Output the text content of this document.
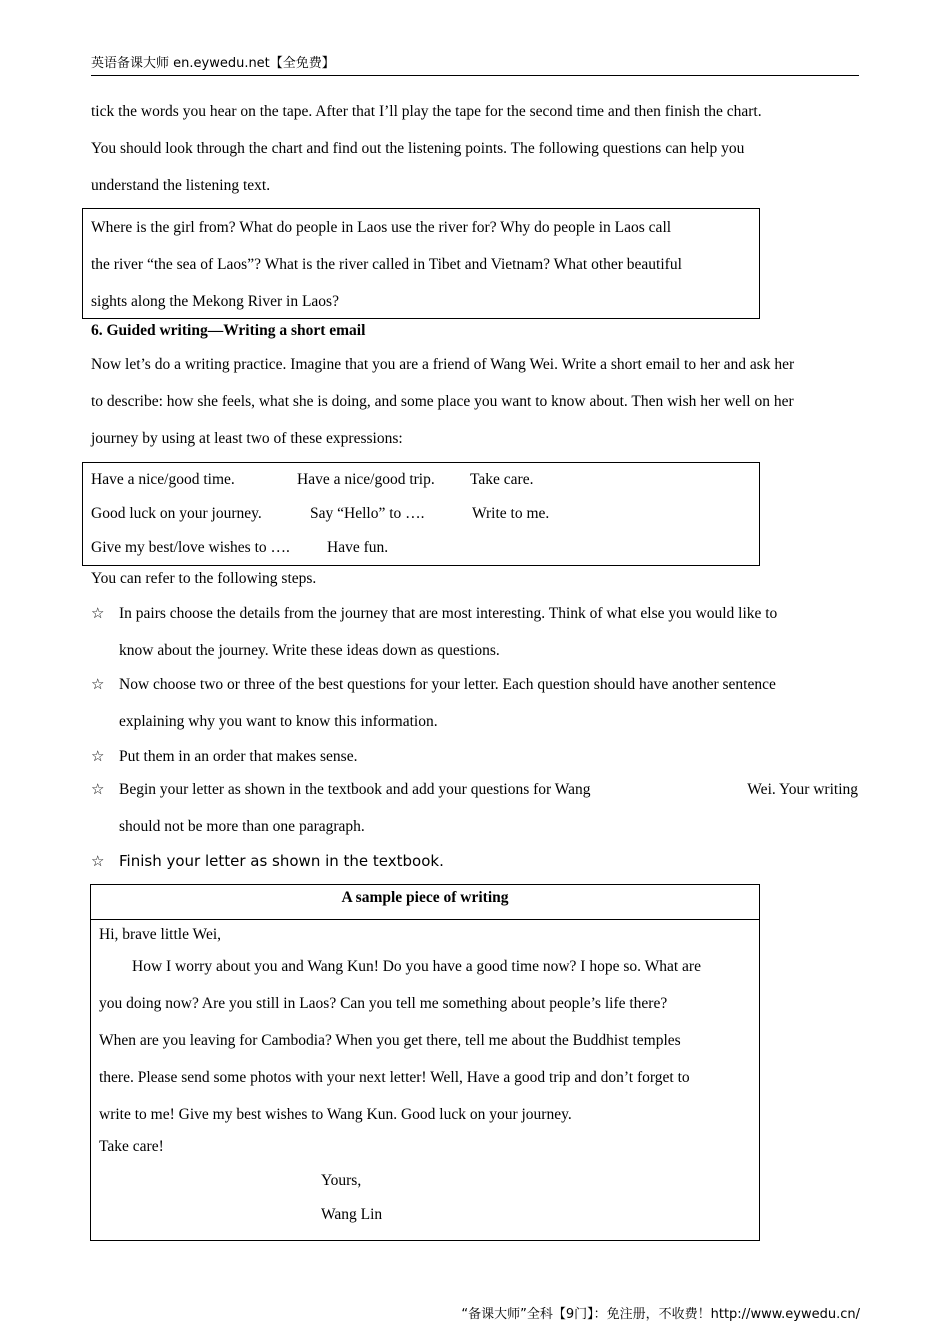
英语备课大师 en.eywedu.net【全免费】
tick the words you hear on the tape. After that I’ll play the tape for the second time and then finish the chart.
You should look through the chart and find out the listening points. The following questions can help you
understand the listening text.
Where is the girl from? What do people in Laos use the river for? Why do people in Laos call
the river “the sea of Laos”? What is the river called in Tibet and Vietnam? What other beautiful
sights along the Mekong River in Laos?
6. Guided writing—Writing a short email
Now let’s do a writing practice. Imagine that you are a friend of Wang Wei. Write a short email to her and ask her
to describe: how she feels, what she is doing, and some place you want to know about. Then wish her well on her
journey by using at least two of these expressions:
Have a nice/good time.	Have a nice/good trip. Take care.
Good luck on your journey.	Say “Hello” to ….	Write to me.
Give my best/love wishes to …. Have fun.
You can refer to the following steps.
☆ In pairs choose the details from the journey that are most interesting. Think of what else you would like to
know about the journey. Write these ideas down as questions.
☆ Now choose two or three of the best questions for your letter. Each question should have another sentence
explaining why you want to know this information.
☆ Put them in an order that makes sense.
☆ Begin your letter as shown in the textbook and add your questions for Wang	Wei. Your writing
should not be more than one paragraph.
☆ Finish your letter as shown in the textbook.
A sample piece of writing
Hi, brave little Wei,
How I worry about you and Wang Kun! Do you have a good time now? I hope so. What are
you doing now? Are you still in Laos? Can you tell me something about people’s life there?
When are you leaving for Cambodia? When you get there, tell me about the Buddhist temples
there. Please send some photos with your next letter! Well, Have a good trip and don’t forget to
write to me! Give my best wishes to Wang Kun. Good luck on your journey.
Take care!
Yours,
Wang Lin
“备课大师”全科【9门】：免注册，不收费！http://www.eywedu.cn/
